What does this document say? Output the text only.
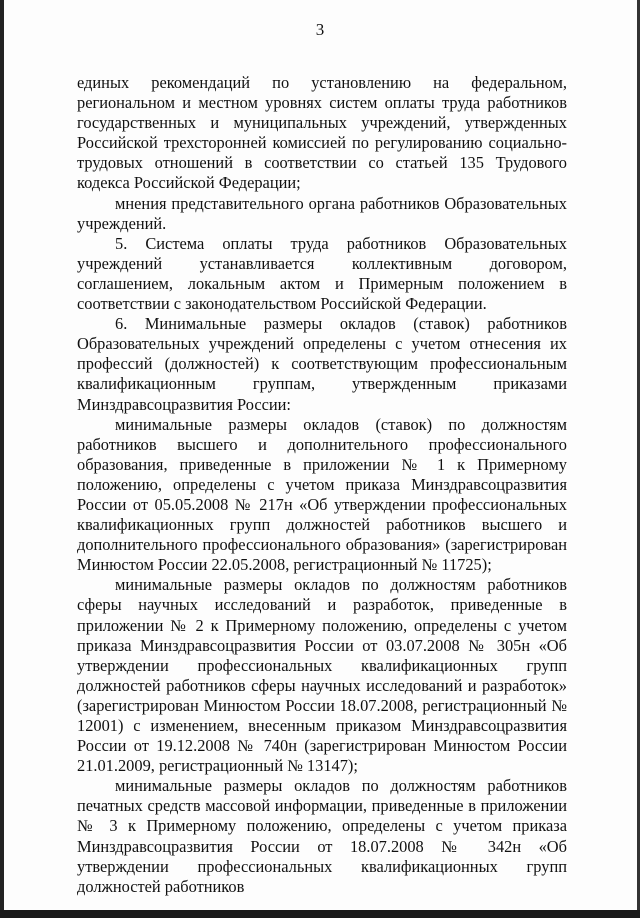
3

единых рекомендаций по установлению на федеральном, региональном и местном уровнях систем оплаты труда работников государственных и муниципальных учреждений, утвержденных Российской трехсторонней комиссией по регулированию социально-трудовых отношений в соответствии со статьей 135 Трудового кодекса Российской Федерации;

мнения представительного органа работников Образовательных учреждений.

5. Система оплаты труда работников Образовательных учреждений устанавливается коллективным договором, соглашением, локальным актом и Примерным положением в соответствии с законодательством Российской Федерации.

6. Минимальные размеры окладов (ставок) работников Образовательных учреждений определены с учетом отнесения их профессий (должностей) к соответствующим профессиональным квалификационным группам, утвержденным приказами Минздравсоцразвития России:

минимальные размеры окладов (ставок) по должностям работников высшего и дополнительного профессионального образования, приведенные в приложении № 1 к Примерному положению, определены с учетом приказа Минздравсоцразвития России от 05.05.2008 № 217н «Об утверждении профессиональных квалификационных групп должностей работников высшего и дополнительного профессионального образования» (зарегистрирован Минюстом России 22.05.2008, регистрационный № 11725);

минимальные размеры окладов по должностям работников сферы научных исследований и разработок, приведенные в приложении № 2 к Примерному положению, определены с учетом приказа Минздравсоцразвития России от 03.07.2008 № 305н «Об утверждении профессиональных квалификационных групп должностей работников сферы научных исследований и разработок» (зарегистрирован Минюстом России 18.07.2008, регистрационный № 12001) с изменением, внесенным приказом Минздравсоцразвития России от 19.12.2008 № 740н (зарегистрирован Минюстом России 21.01.2009, регистрационный № 13147);

минимальные размеры окладов по должностям работников печатных средств массовой информации, приведенные в приложении № 3 к Примерному положению, определены с учетом приказа Минздравсоцразвития России от 18.07.2008 № 342н «Об утверждении профессиональных квалификационных групп должностей работников
